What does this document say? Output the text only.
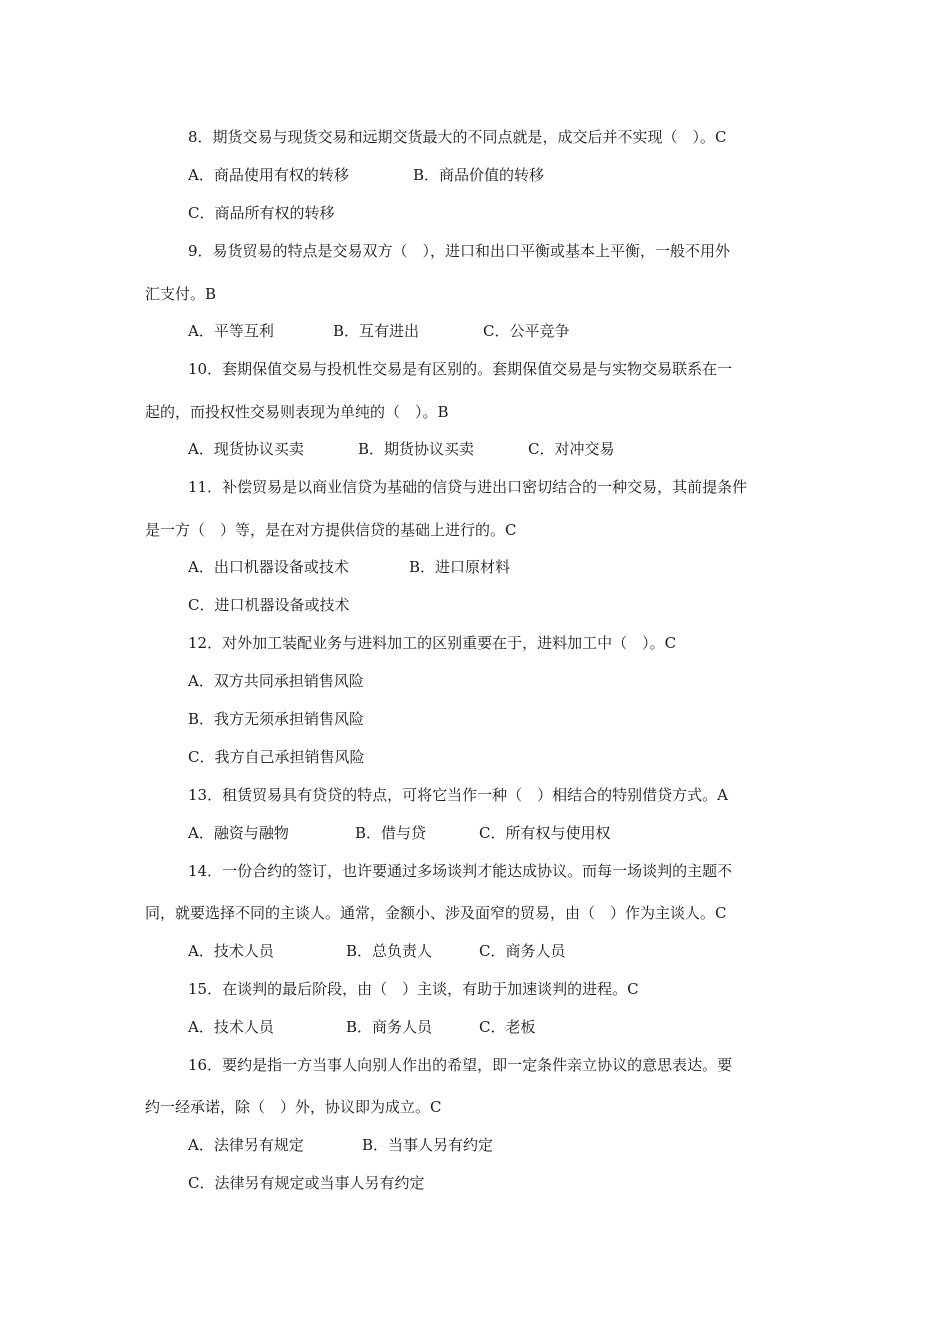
8．期货交易与现货交易和远期交货最大的不同点就是，成交后并不实现（　）。C

A．商品使用有权的转移

	B．商品价值的转移

C．商品所有权的转移

9．易货贸易的特点是交易双方（　），进口和出口平衡或基本上平衡，一般不用外
汇支付。B

A．平等互利

	B．互有进出

	C．公平竞争

10．套期保值交易与投机性交易是有区别的。套期保值交易是与实物交易联系在一
起的，而投权性交易则表现为单纯的（　）。B

A．现货协议买卖

	B．期货协议买卖

	C．对冲交易

11．补偿贸易是以商业信贷为基础的信贷与进出口密切结合的一种交易，其前提条件
是一方（　）等，是在对方提供信贷的基础上进行的。C

A．出口机器设备或技术

	B．进口原材料

C．进口机器设备或技术

12．对外加工装配业务与进料加工的区别重要在于，进料加工中（　）。C

A．双方共同承担销售风险

B．我方无须承担销售风险

C．我方自己承担销售风险

13．租赁贸易具有贷贷的特点，可将它当作一种（　）相结合的特别借贷方式。A

A．融资与融物

	B．借与贷

	C．所有权与使用权

14．一份合约的签订，也许要通过多场谈判才能达成协议。而每一场谈判的主题不
同，就要选择不同的主谈人。通常，金额小、涉及面窄的贸易，由（　）作为主谈人。C

A．技术人员

	B．总负责人

	C．商务人员

15．在谈判的最后阶段，由（　）主谈，有助于加速谈判的进程。C

A．技术人员

	B．商务人员

	C．老板

16．要约是指一方当事人向别人作出的希望，即一定条件亲立协议的意思表达。要
约一经承诺，除（　）外，协议即为成立。C

A．法律另有规定

	B．当事人另有约定

C．法律另有规定或当事人另有约定
